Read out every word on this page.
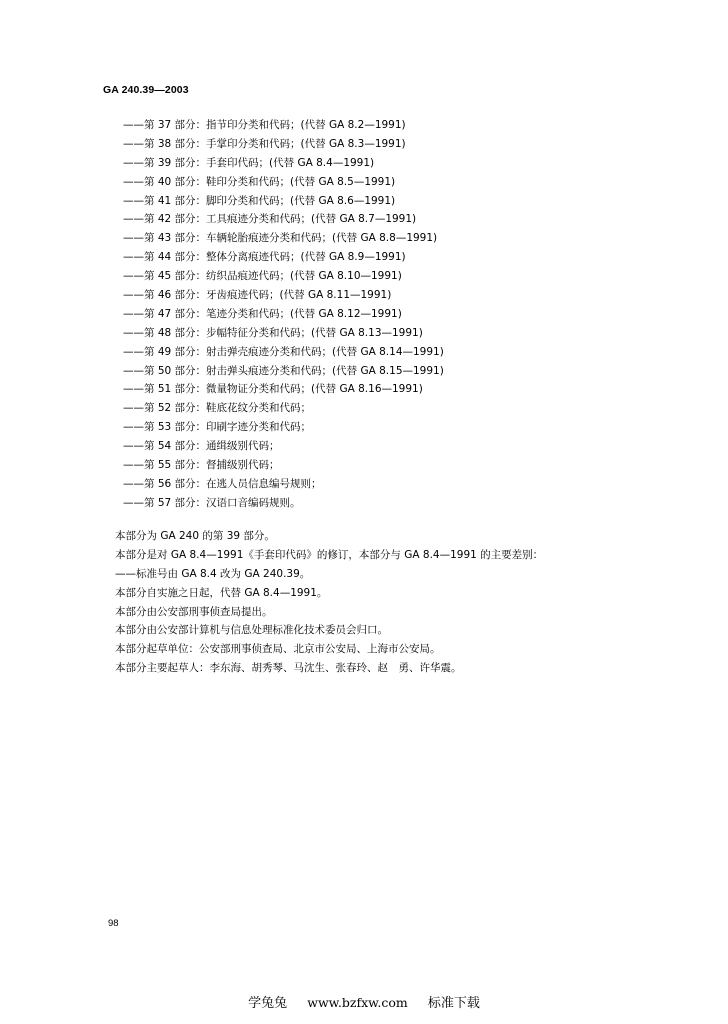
GA 240.39—2003
——第 37 部分：指节印分类和代码；(代替 GA 8.2—1991)
——第 38 部分：手掌印分类和代码；(代替 GA 8.3—1991)
——第 39 部分：手套印代码；(代替 GA 8.4—1991)
——第 40 部分：鞋印分类和代码；(代替 GA 8.5—1991)
——第 41 部分：脚印分类和代码；(代替 GA 8.6—1991)
——第 42 部分：工具痕迹分类和代码；(代替 GA 8.7—1991)
——第 43 部分：车辆轮胎痕迹分类和代码；(代替 GA 8.8—1991)
——第 44 部分：整体分离痕迹代码；(代替 GA 8.9—1991)
——第 45 部分：纺织品痕迹代码；(代替 GA 8.10—1991)
——第 46 部分：牙齿痕迹代码；(代替 GA 8.11—1991)
——第 47 部分：笔迹分类和代码；(代替 GA 8.12—1991)
——第 48 部分：步幅特征分类和代码；(代替 GA 8.13—1991)
——第 49 部分：射击弹壳痕迹分类和代码；(代替 GA 8.14—1991)
——第 50 部分：射击弹头痕迹分类和代码；(代替 GA 8.15—1991)
——第 51 部分：微量物证分类和代码；(代替 GA 8.16—1991)
——第 52 部分：鞋底花纹分类和代码；
——第 53 部分：印刷字迹分类和代码；
——第 54 部分：通缉级别代码；
——第 55 部分：督捕级别代码；
——第 56 部分：在逃人员信息编号规则；
——第 57 部分：汉语口音编码规则。
本部分为 GA 240 的第 39 部分。
本部分是对 GA 8.4—1991《手套印代码》的修订，本部分与 GA 8.4—1991 的主要差别：
——标准号由 GA 8.4 改为 GA 240.39。
本部分自实施之日起，代替 GA 8.4—1991。
本部分由公安部刑事侦查局提出。
本部分由公安部计算机与信息处理标准化技术委员会归口。
本部分起草单位：公安部刑事侦查局、北京市公安局、上海市公安局。
本部分主要起草人：李东海、胡秀琴、马沈生、张春玲、赵　勇、许华震。
98
学兔兔 www.bzfxw.com 标准下载
